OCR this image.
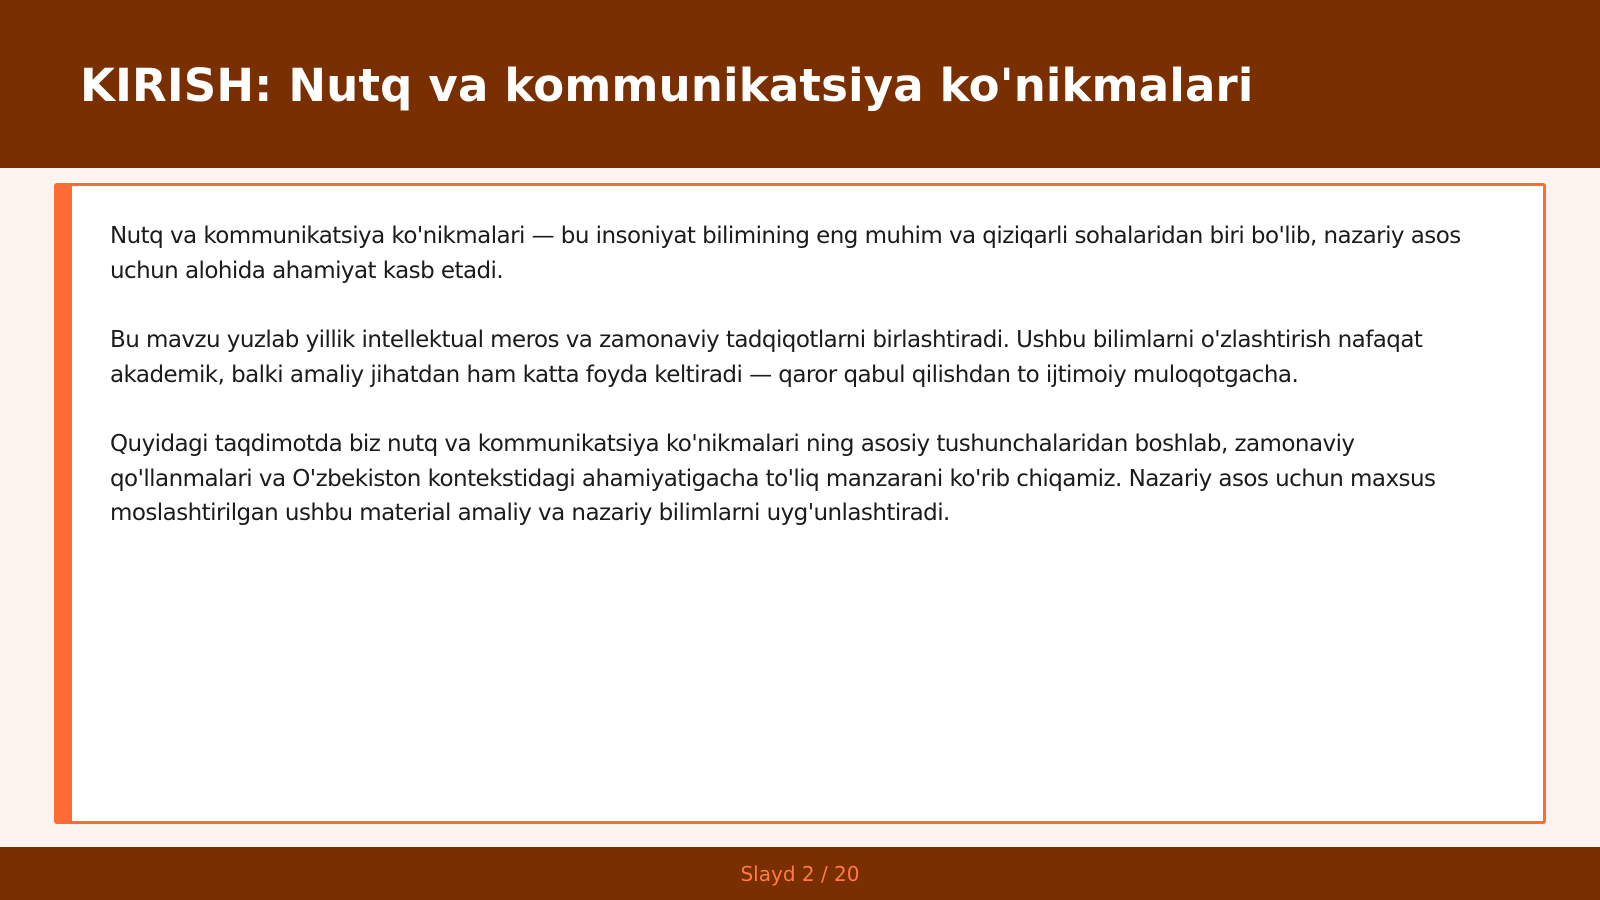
KIRISH: Nutq va kommunikatsiya ko'nikmalari

Nutq va kommunikatsiya ko'nikmalari — bu insoniyat bilimining eng muhim va qiziqarli sohalaridan biri bo'lib, nazariy asos uchun alohida ahamiyat kasb etadi.

Bu mavzu yuzlab yillik intellektual meros va zamonaviy tadqiqotlarni birlashtiradi. Ushbu bilimlarni o'zlashtirish nafaqat akademik, balki amaliy jihatdan ham katta foyda keltiradi — qaror qabul qilishdan to ijtimoiy muloqotgacha.

Quyidagi taqdimotda biz nutq va kommunikatsiya ko'nikmalari ning asosiy tushunchalaridan boshlab, zamonaviy qo'llanmalari va O'zbekiston kontekstidagi ahamiyatigacha to'liq manzarani ko'rib chiqamiz. Nazariy asos uchun maxsus moslashtirilgan ushbu material amaliy va nazariy bilimlarni uyg'unlashtiradi.

Slayd 2 / 20
